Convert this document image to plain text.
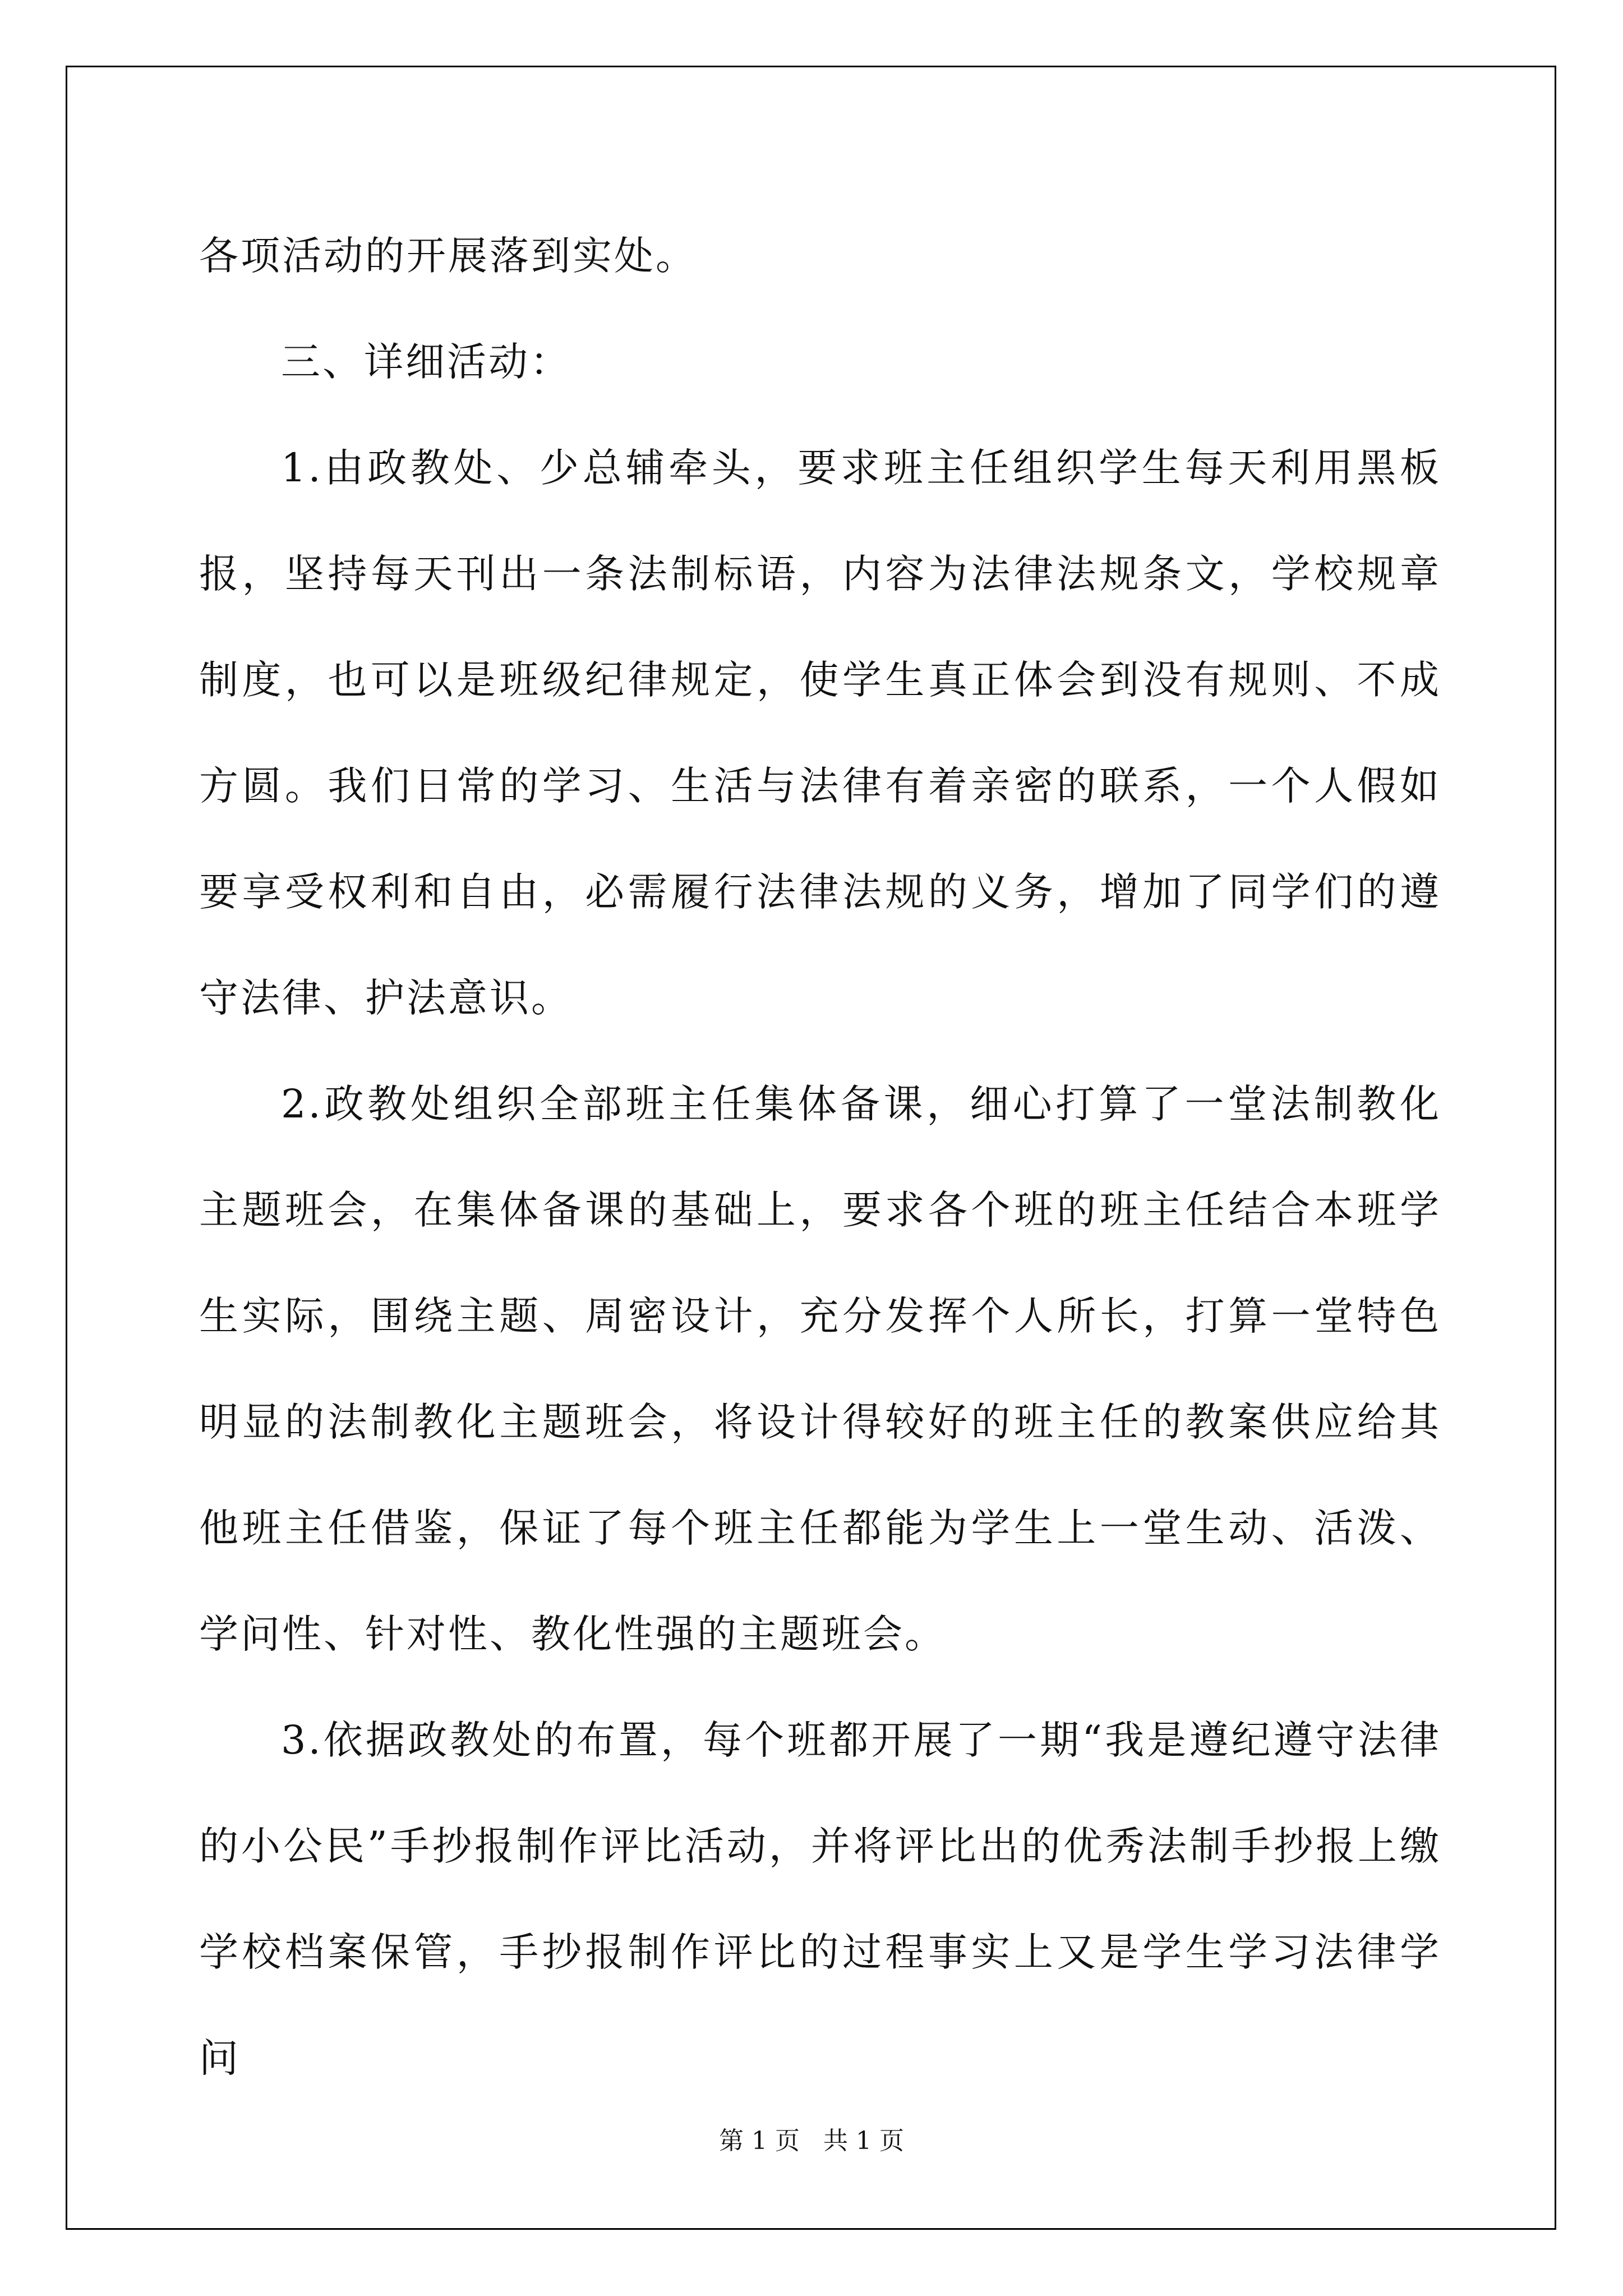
各项活动的开展落到实处。

三、详细活动：

1.由政教处、少总辅牵头，要求班主任组织学生每天利用黑板报，坚持每天刊出一条法制标语，内容为法律法规条文，学校规章制度，也可以是班级纪律规定，使学生真正体会到没有规则、不成方圆。我们日常的学习、生活与法律有着亲密的联系，一个人假如要享受权利和自由，必需履行法律法规的义务，增加了同学们的遵守法律、护法意识。

2.政教处组织全部班主任集体备课，细心打算了一堂法制教化主题班会，在集体备课的基础上，要求各个班的班主任结合本班学生实际，围绕主题、周密设计，充分发挥个人所长，打算一堂特色明显的法制教化主题班会，将设计得较好的班主任的教案供应给其他班主任借鉴，保证了每个班主任都能为学生上一堂生动、活泼、学问性、针对性、教化性强的主题班会。

3.依据政教处的布置，每个班都开展了一期“我是遵纪遵守法律的小公民”手抄报制作评比活动，并将评比出的优秀法制手抄报上缴学校档案保管，手抄报制作评比的过程事实上又是学生学习法律学问

第 1 页   共 1 页
